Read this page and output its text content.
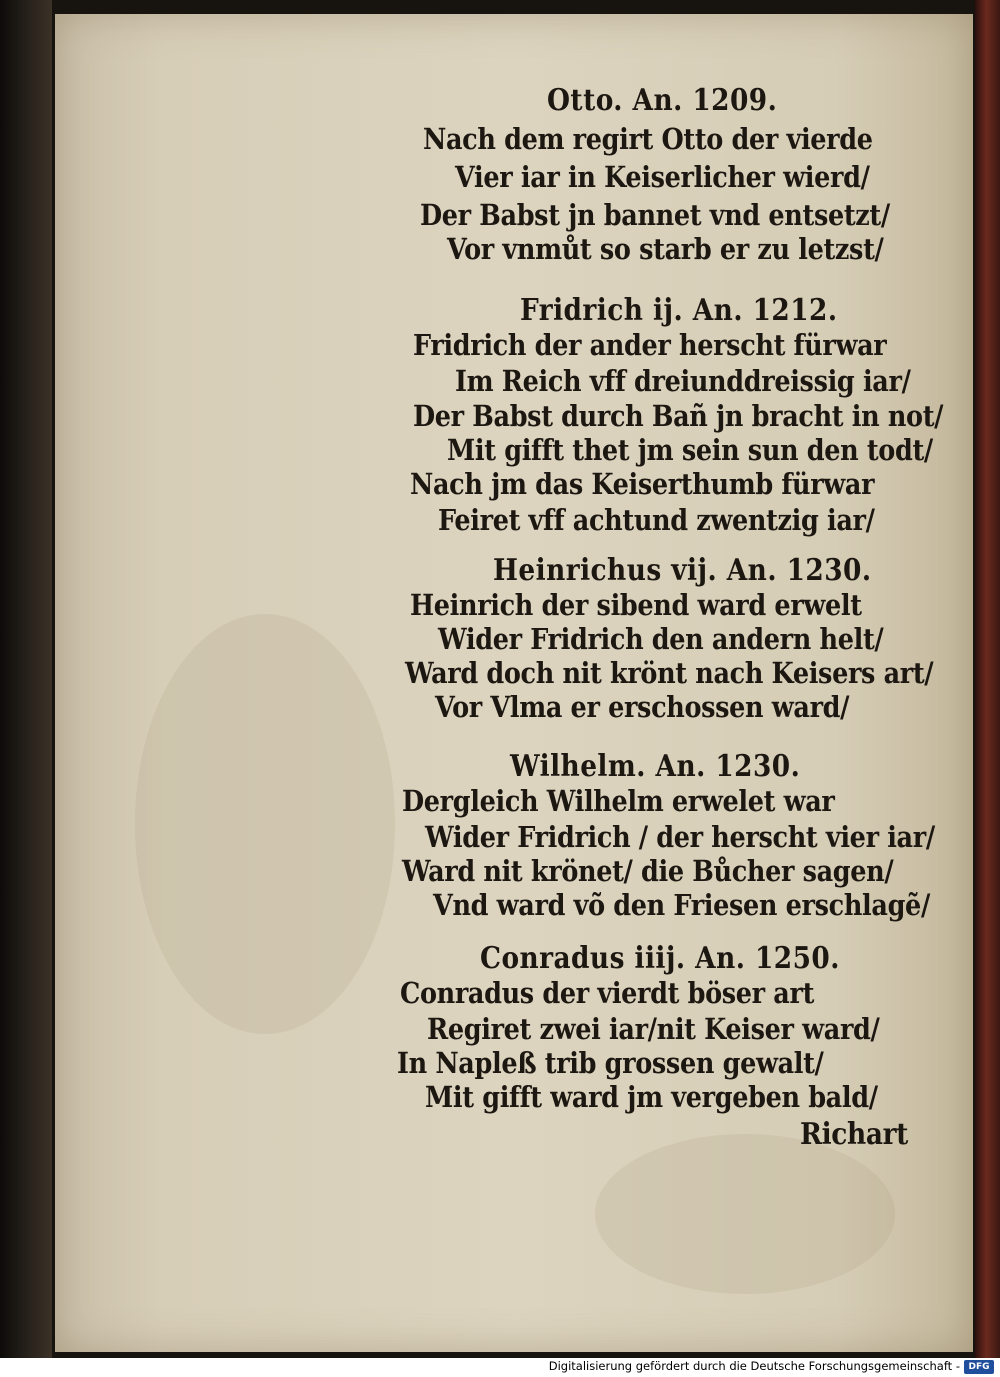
Otto. An. 1209.

Nach dem regirt Otto der vierde

Vier iar in Keiserlicher wierd/

Der Babst jn bannet vnd entsetzt/

Vor vnmůt so starb er zu letzst/

Fridrich ij. An. 1212.

Fridrich der ander herscht fürwar

Im Reich vff dreiunddreissig iar/

Der Babst durch Bañ jn bracht in not/

Mit gifft thet jm sein sun den todt/

Nach jm das Keiserthumb fürwar

Feiret vff achtund zwentzig iar/

Heinrichus vij. An. 1230.

Heinrich der sibend ward erwelt

Wider Fridrich den andern helt/

Ward doch nit krönt nach Keisers art/

Vor Vlma er erschossen ward/

Wilhelm. An. 1230.

Dergleich Wilhelm erwelet war

Wider Fridrich / der herscht vier iar/

Ward nit krönet/ die Bůcher sagen/

Vnd ward võ den Friesen erschlagẽ/

Conradus iiij. An. 1250.

Conradus der vierdt böser art

Regiret zwei iar/nit Keiser ward/

In Napleß trib grossen gewalt/

Mit gifft ward jm vergeben bald/

Richart

Digitalisierung gefördert durch die Deutsche Forschungsgemeinschaft - DFG
